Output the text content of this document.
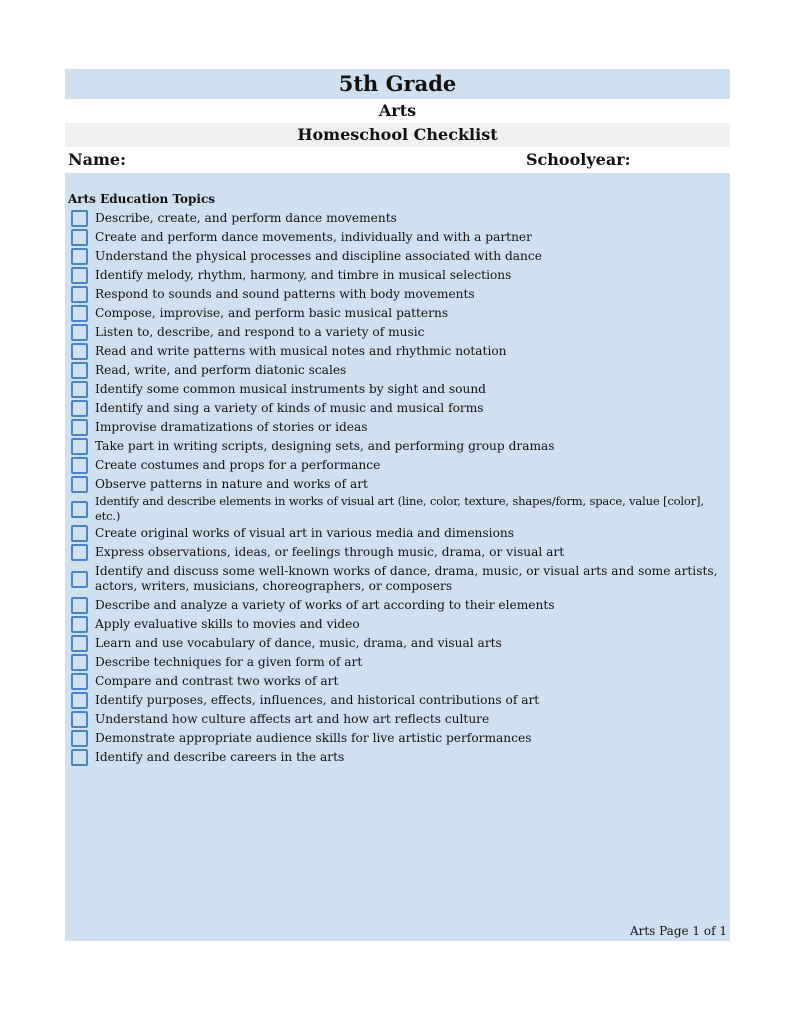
5th Grade
Arts
Homeschool Checklist
Name:	Schoolyear:
Arts Education Topics
Describe, create, and perform dance movements
Create and perform dance movements, individually and with a partner
Understand the physical processes and discipline associated with dance
Identify melody, rhythm, harmony, and timbre in musical selections
Respond to sounds and sound patterns with body movements
Compose, improvise, and perform basic musical patterns
Listen to, describe, and respond to a variety of music
Read and write patterns with musical notes and rhythmic notation
Read, write, and perform diatonic scales
Identify some common musical instruments by sight and sound
Identify and sing a variety of kinds of music and musical forms
Improvise dramatizations of stories or ideas
Take part in writing scripts, designing sets, and performing group dramas
Create costumes and props for a performance
Observe patterns in nature and works of art
Identify and describe elements in works of visual art (line, color, texture, shapes/form, space, value [color], etc.)
Create original works of visual art in various media and dimensions
Express observations, ideas, or feelings through music, drama, or visual art
Identify and discuss some well-known works of dance, drama, music, or visual arts and some artists, actors, writers, musicians, choreographers, or composers
Describe and analyze a variety of works of art according to their elements
Apply evaluative skills to movies and video
Learn and use vocabulary of dance, music, drama, and visual arts
Describe techniques for a given form of art
Compare and contrast two works of art
Identify purposes, effects, influences, and historical contributions of art
Understand how culture affects art and how art reflects culture
Demonstrate appropriate audience skills for live artistic performances
Identify and describe careers in the arts
Arts Page 1 of 1
